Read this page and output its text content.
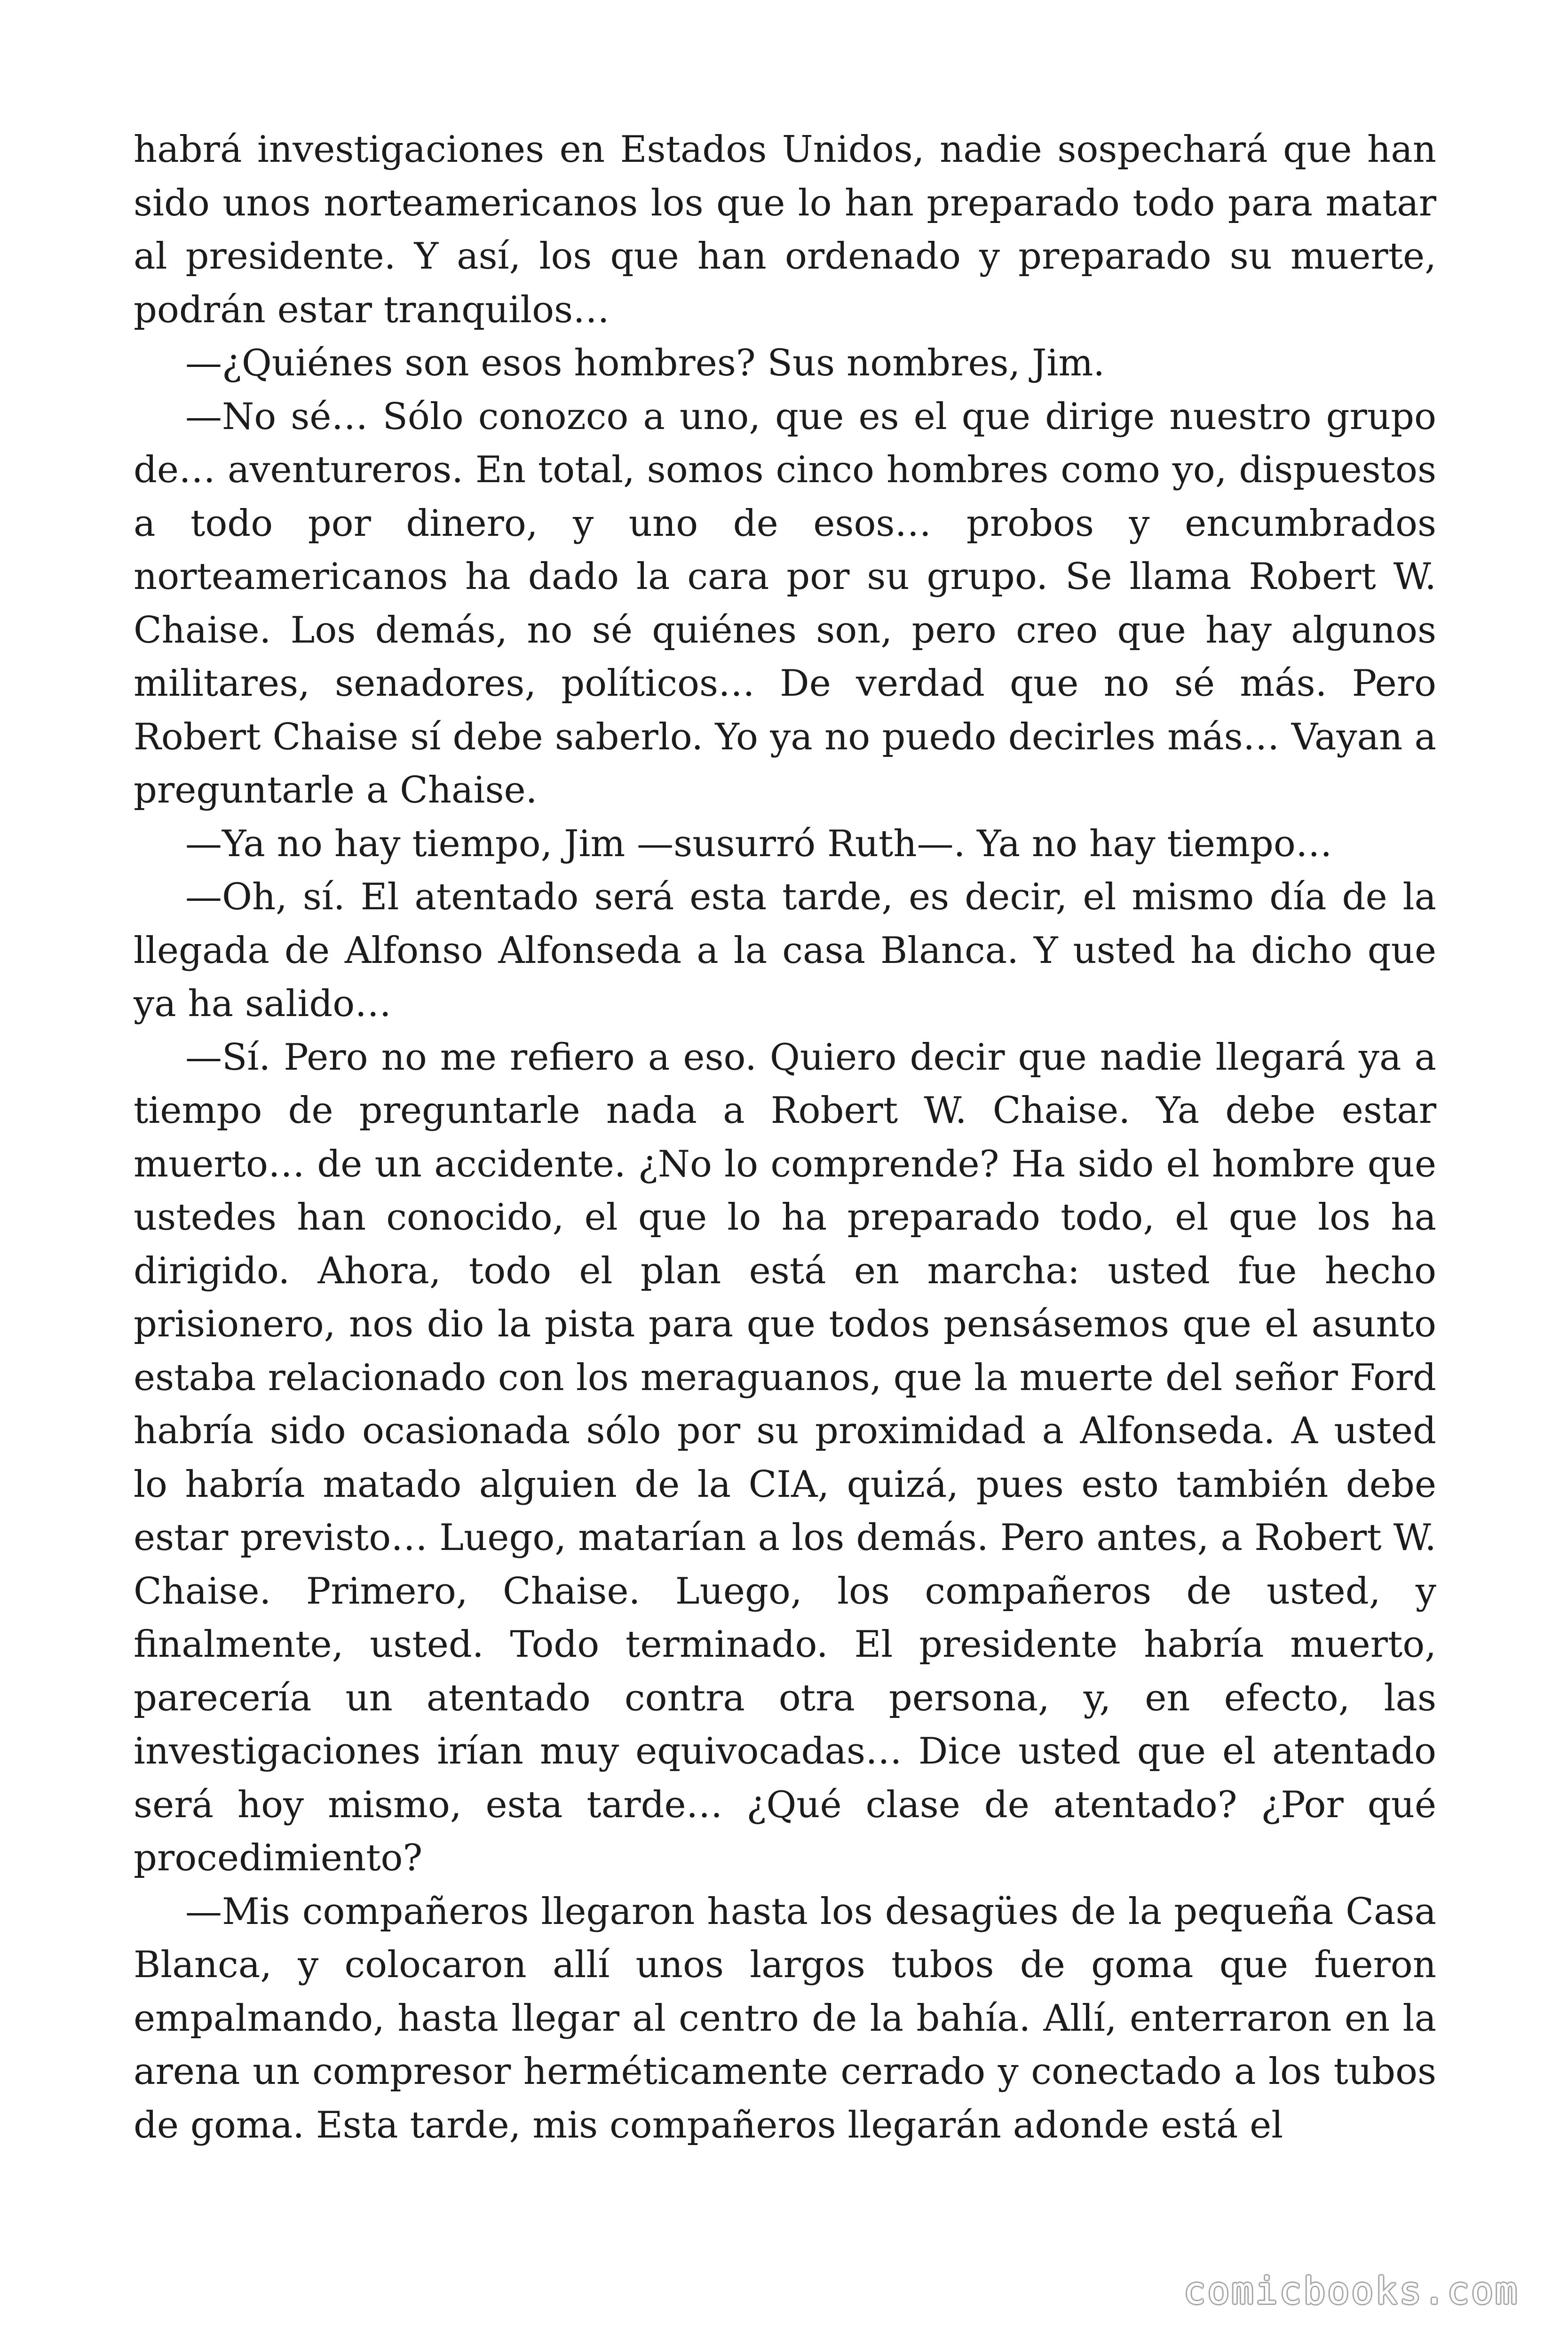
habrá investigaciones en Estados Unidos, nadie sospechará que han sido unos norteamericanos los que lo han preparado todo para matar al presidente. Y así, los que han ordenado y preparado su muerte, podrán estar tranquilos…

—¿Quiénes son esos hombres? Sus nombres, Jim.

—No sé… Sólo conozco a uno, que es el que dirige nuestro grupo de… aventureros. En total, somos cinco hombres como yo, dispuestos a todo por dinero, y uno de esos… probos y encumbrados norteamericanos ha dado la cara por su grupo. Se llama Robert W. Chaise. Los demás, no sé quiénes son, pero creo que hay algunos militares, senadores, políticos… De verdad que no sé más. Pero Robert Chaise sí debe saberlo. Yo ya no puedo decirles más… Vayan a preguntarle a Chaise.

—Ya no hay tiempo, Jim —susurró Ruth—. Ya no hay tiempo…

—Oh, sí. El atentado será esta tarde, es decir, el mismo día de la llegada de Alfonso Alfonseda a la casa Blanca. Y usted ha dicho que ya ha salido…

—Sí. Pero no me refiero a eso. Quiero decir que nadie llegará ya a tiempo de preguntarle nada a Robert W. Chaise. Ya debe estar muerto… de un accidente. ¿No lo comprende? Ha sido el hombre que ustedes han conocido, el que lo ha preparado todo, el que los ha dirigido. Ahora, todo el plan está en marcha: usted fue hecho prisionero, nos dio la pista para que todos pensásemos que el asunto estaba relacionado con los meraguanos, que la muerte del señor Ford habría sido ocasionada sólo por su proximidad a Alfonseda. A usted lo habría matado alguien de la CIA, quizá, pues esto también debe estar previsto… Luego, matarían a los demás. Pero antes, a Robert W. Chaise. Primero, Chaise. Luego, los compañeros de usted, y finalmente, usted. Todo terminado. El presidente habría muerto, parecería un atentado contra otra persona, y, en efecto, las investigaciones irían muy equivocadas… Dice usted que el atentado será hoy mismo, esta tarde… ¿Qué clase de atentado? ¿Por qué procedimiento?

—Mis compañeros llegaron hasta los desagües de la pequeña Casa Blanca, y colocaron allí unos largos tubos de goma que fueron empalmando, hasta llegar al centro de la bahía. Allí, enterraron en la arena un compresor herméticamente cerrado y conectado a los tubos de goma. Esta tarde, mis compañeros llegarán adonde está el

comicbooks.com
